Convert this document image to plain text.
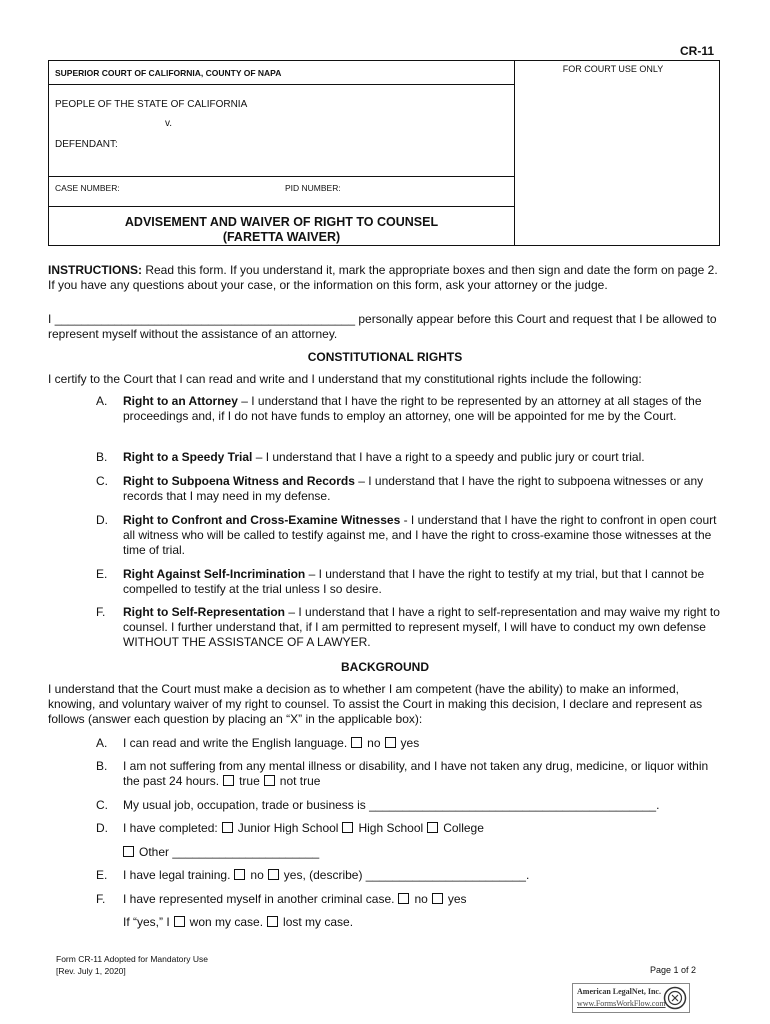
CR-11
SUPERIOR COURT OF CALIFORNIA, COUNTY OF NAPA
PEOPLE OF THE STATE OF CALIFORNIA
v.
DEFENDANT:
CASE NUMBER:	PID NUMBER:
ADVISEMENT AND WAIVER OF RIGHT TO COUNSEL
(FARETTA WAIVER)
FOR COURT USE ONLY
INSTRUCTIONS: Read this form. If you understand it, mark the appropriate boxes and then sign and date the form on page 2. If you have any questions about your case, or the information on this form, ask your attorney or the judge.
I _____________________________________________ personally appear before this Court and request that I be allowed to represent myself without the assistance of an attorney.
CONSTITUTIONAL RIGHTS
I certify to the Court that I can read and write and I understand that my constitutional rights include the following:
A. Right to an Attorney – I understand that I have the right to be represented by an attorney at all stages of the proceedings and, if I do not have funds to employ an attorney, one will be appointed for me by the Court.
B. Right to a Speedy Trial – I understand that I have a right to a speedy and public jury or court trial.
C. Right to Subpoena Witness and Records – I understand that I have the right to subpoena witnesses or any records that I may need in my defense.
D. Right to Confront and Cross-Examine Witnesses - I understand that I have the right to confront in open court all witness who will be called to testify against me, and I have the right to cross-examine those witnesses at the time of trial.
E. Right Against Self-Incrimination – I understand that I have the right to testify at my trial, but that I cannot be compelled to testify at the trial unless I so desire.
F. Right to Self-Representation – I understand that I have a right to self-representation and may waive my right to counsel. I further understand that, if I am permitted to represent myself, I will have to conduct my own defense WITHOUT THE ASSISTANCE OF A LAWYER.
BACKGROUND
I understand that the Court must make a decision as to whether I am competent (have the ability) to make an informed, knowing, and voluntary waiver of my right to counsel. To assist the Court in making this decision, I declare and represent as follows (answer each question by placing an “X” in the applicable box):
A. I can read and write the English language. no yes
B. I am not suffering from any mental illness or disability, and I have not taken any drug, medicine, or liquor within the past 24 hours. true not true
C. My usual job, occupation, trade or business is ___________________________________________.
D. I have completed: Junior High School High School College
Other ______________________
E. I have legal training. no yes, (describe) ________________________.
F. I have represented myself in another criminal case. no yes
If “yes,” I won my case. lost my case.
Form CR-11 Adopted for Mandatory Use
[Rev. July 1, 2020]	Page 1 of 2
American LegalNet, Inc.
www.FormsWorkFlow.com
